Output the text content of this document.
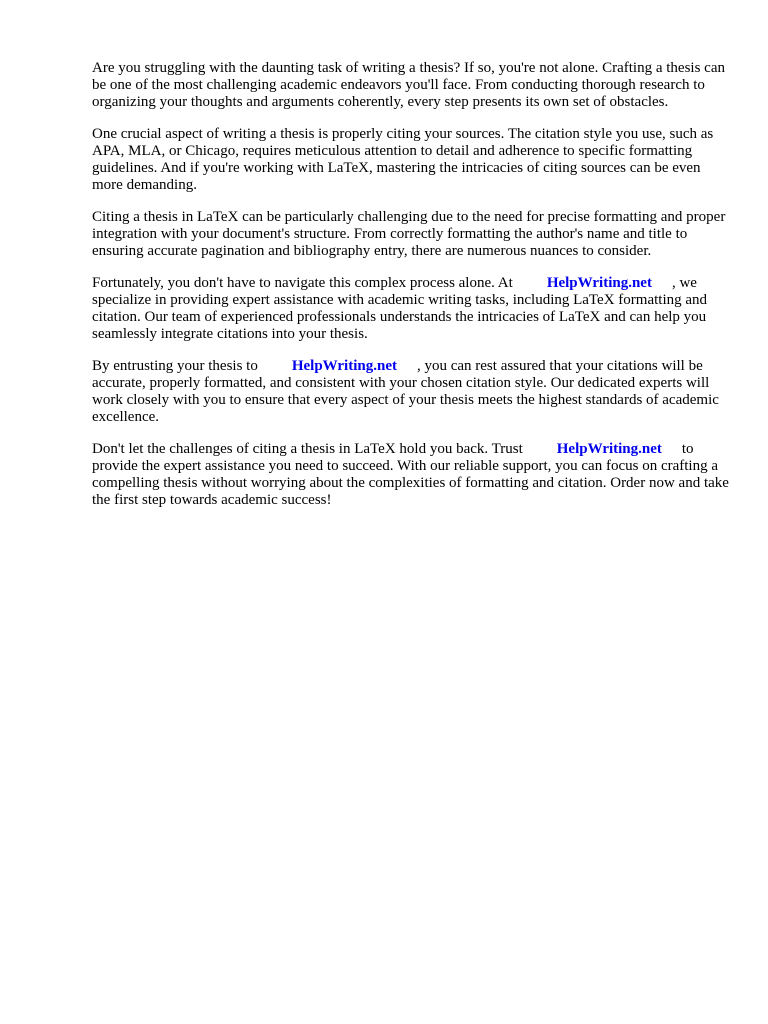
Are you struggling with the daunting task of writing a thesis? If so, you're not alone. Crafting a thesis can be one of the most challenging academic endeavors you'll face. From conducting thorough research to organizing your thoughts and arguments coherently, every step presents its own set of obstacles.

One crucial aspect of writing a thesis is properly citing your sources. The citation style you use, such as APA, MLA, or Chicago, requires meticulous attention to detail and adherence to specific formatting guidelines. And if you're working with LaTeX, mastering the intricacies of citing sources can be even more demanding.

Citing a thesis in LaTeX can be particularly challenging due to the need for precise formatting and proper integration with your document's structure. From correctly formatting the author's name and title to ensuring accurate pagination and bibliography entry, there are numerous nuances to consider.

Fortunately, you don't have to navigate this complex process alone. At HelpWriting.net , we specialize in providing expert assistance with academic writing tasks, including LaTeX formatting and citation. Our team of experienced professionals understands the intricacies of LaTeX and can help you seamlessly integrate citations into your thesis.

By entrusting your thesis to HelpWriting.net , you can rest assured that your citations will be accurate, properly formatted, and consistent with your chosen citation style. Our dedicated experts will work closely with you to ensure that every aspect of your thesis meets the highest standards of academic excellence.

Don't let the challenges of citing a thesis in LaTeX hold you back. Trust HelpWriting.net to provide the expert assistance you need to succeed. With our reliable support, you can focus on crafting a compelling thesis without worrying about the complexities of formatting and citation. Order now and take the first step towards academic success!
